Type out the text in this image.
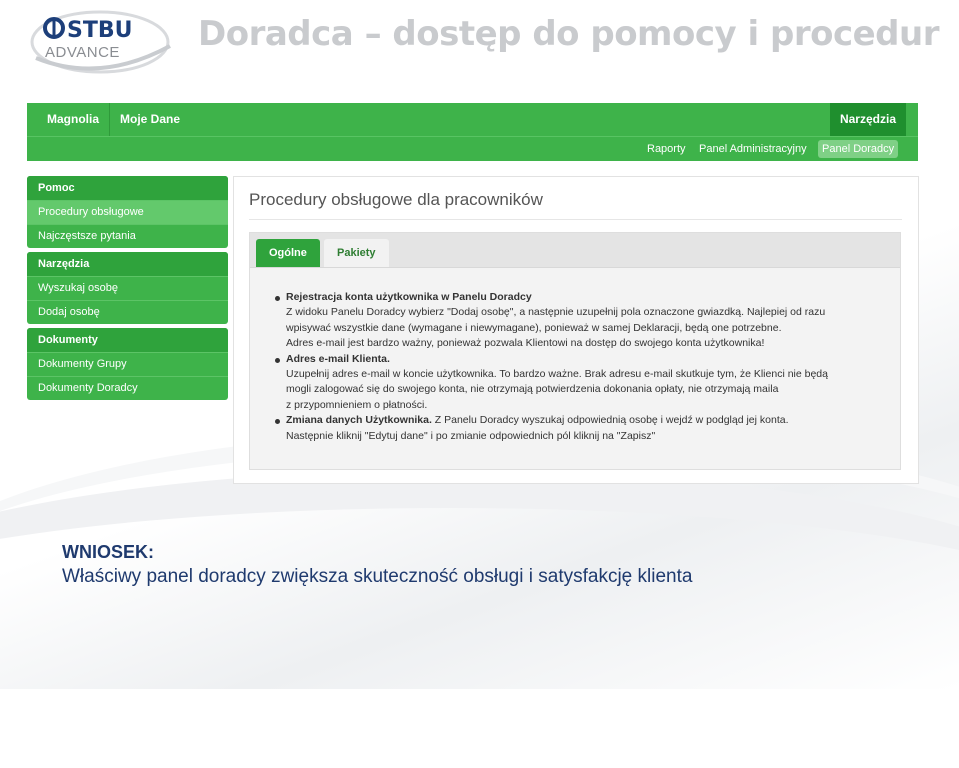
STBU
ADVANCE Doradca – dostęp do pomocy i procedur
Magnolia	Moje Dane	Narzędzia
Raporty	Panel Administracyjny	Panel Doradcy
Pomoc
Procedury obsługowe
Najczęstsze pytania
Narzędzia
Wyszukaj osobę
Dodaj osobę
Dokumenty
Dokumenty Grupy
Dokumenty Doradcy
Procedury obsługowe dla pracowników
Ogólne	Pakiety
Rejestracja konta użytkownika w Panelu Doradcy
Z widoku Panelu Doradcy wybierz "Dodaj osobę", a następnie uzupełnij pola oznaczone gwiazdką. Najlepiej od razu
wpisywać wszystkie dane (wymagane i niewymagane), ponieważ w samej Deklaracji, będą one potrzebne.
Adres e-mail jest bardzo ważny, ponieważ pozwala Klientowi na dostęp do swojego konta użytkownika!
Adres e-mail Klienta.
Uzupełnij adres e-mail w koncie użytkownika. To bardzo ważne. Brak adresu e-mail skutkuje tym, że Klienci nie będą
mogli zalogować się do swojego konta, nie otrzymają potwierdzenia dokonania opłaty, nie otrzymają maila
z przypomnieniem o płatności.
Zmiana danych Użytkownika. Z Panelu Doradcy wyszukaj odpowiednią osobę i wejdź w podgląd jej konta.
Następnie kliknij "Edytuj dane" i po zmianie odpowiednich pól kliknij na "Zapisz"
WNIOSEK:
Właściwy panel doradcy zwiększa skuteczność obsługi i satysfakcję klienta
